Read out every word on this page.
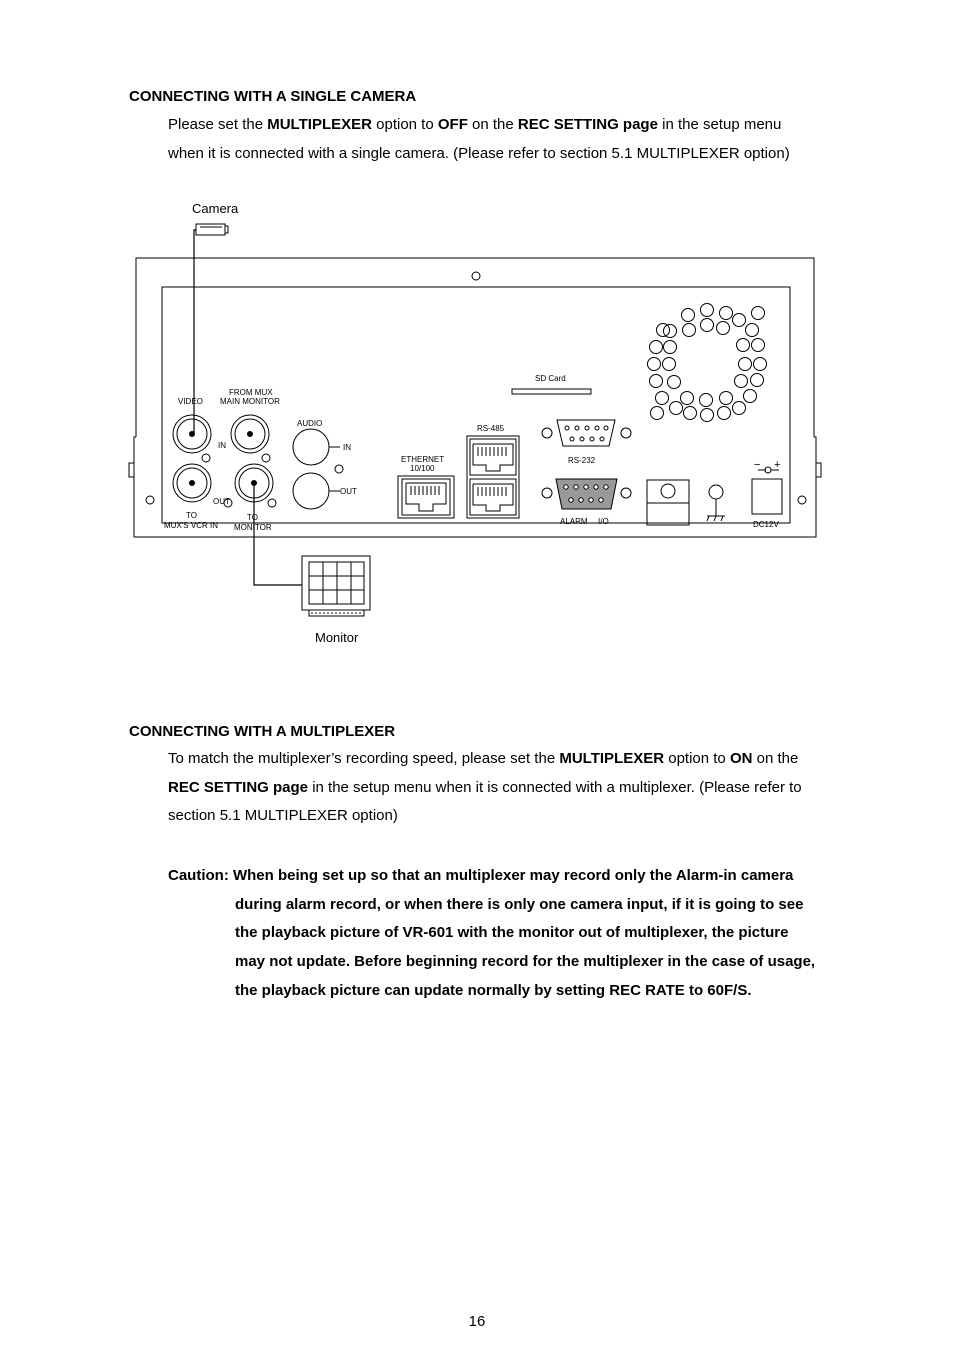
CONNECTING WITH A SINGLE CAMERA
Please set the MULTIPLEXER option to OFF on the REC SETTING page in the setup menu
when it is connected with a single camera. (Please refer to section 5.1 MULTIPLEXER option)
Camera
VIDEO
FROM MUX
MAIN MONITOR
IN
OUT
TO
MUX'S VCR IN
TO
MONITOR
AUDIO
IN
OUT
ETHERNET
10/100
RS-485
SD Card
RS-232
ALARM I/O
− +
DC12V
Monitor
CONNECTING WITH A MULTIPLEXER
To match the multiplexer’s recording speed, please set the MULTIPLEXER option to ON on the
REC SETTING page in the setup menu when it is connected with a multiplexer. (Please refer to
section 5.1 MULTIPLEXER option)
Caution: When being set up so that an multiplexer may record only the Alarm-in camera
during alarm record, or when there is only one camera input, if it is going to see
the playback picture of VR-601 with the monitor out of multiplexer, the picture
may not update. Before beginning record for the multiplexer in the case of usage,
the playback picture can update normally by setting REC RATE to 60F/S.
16
